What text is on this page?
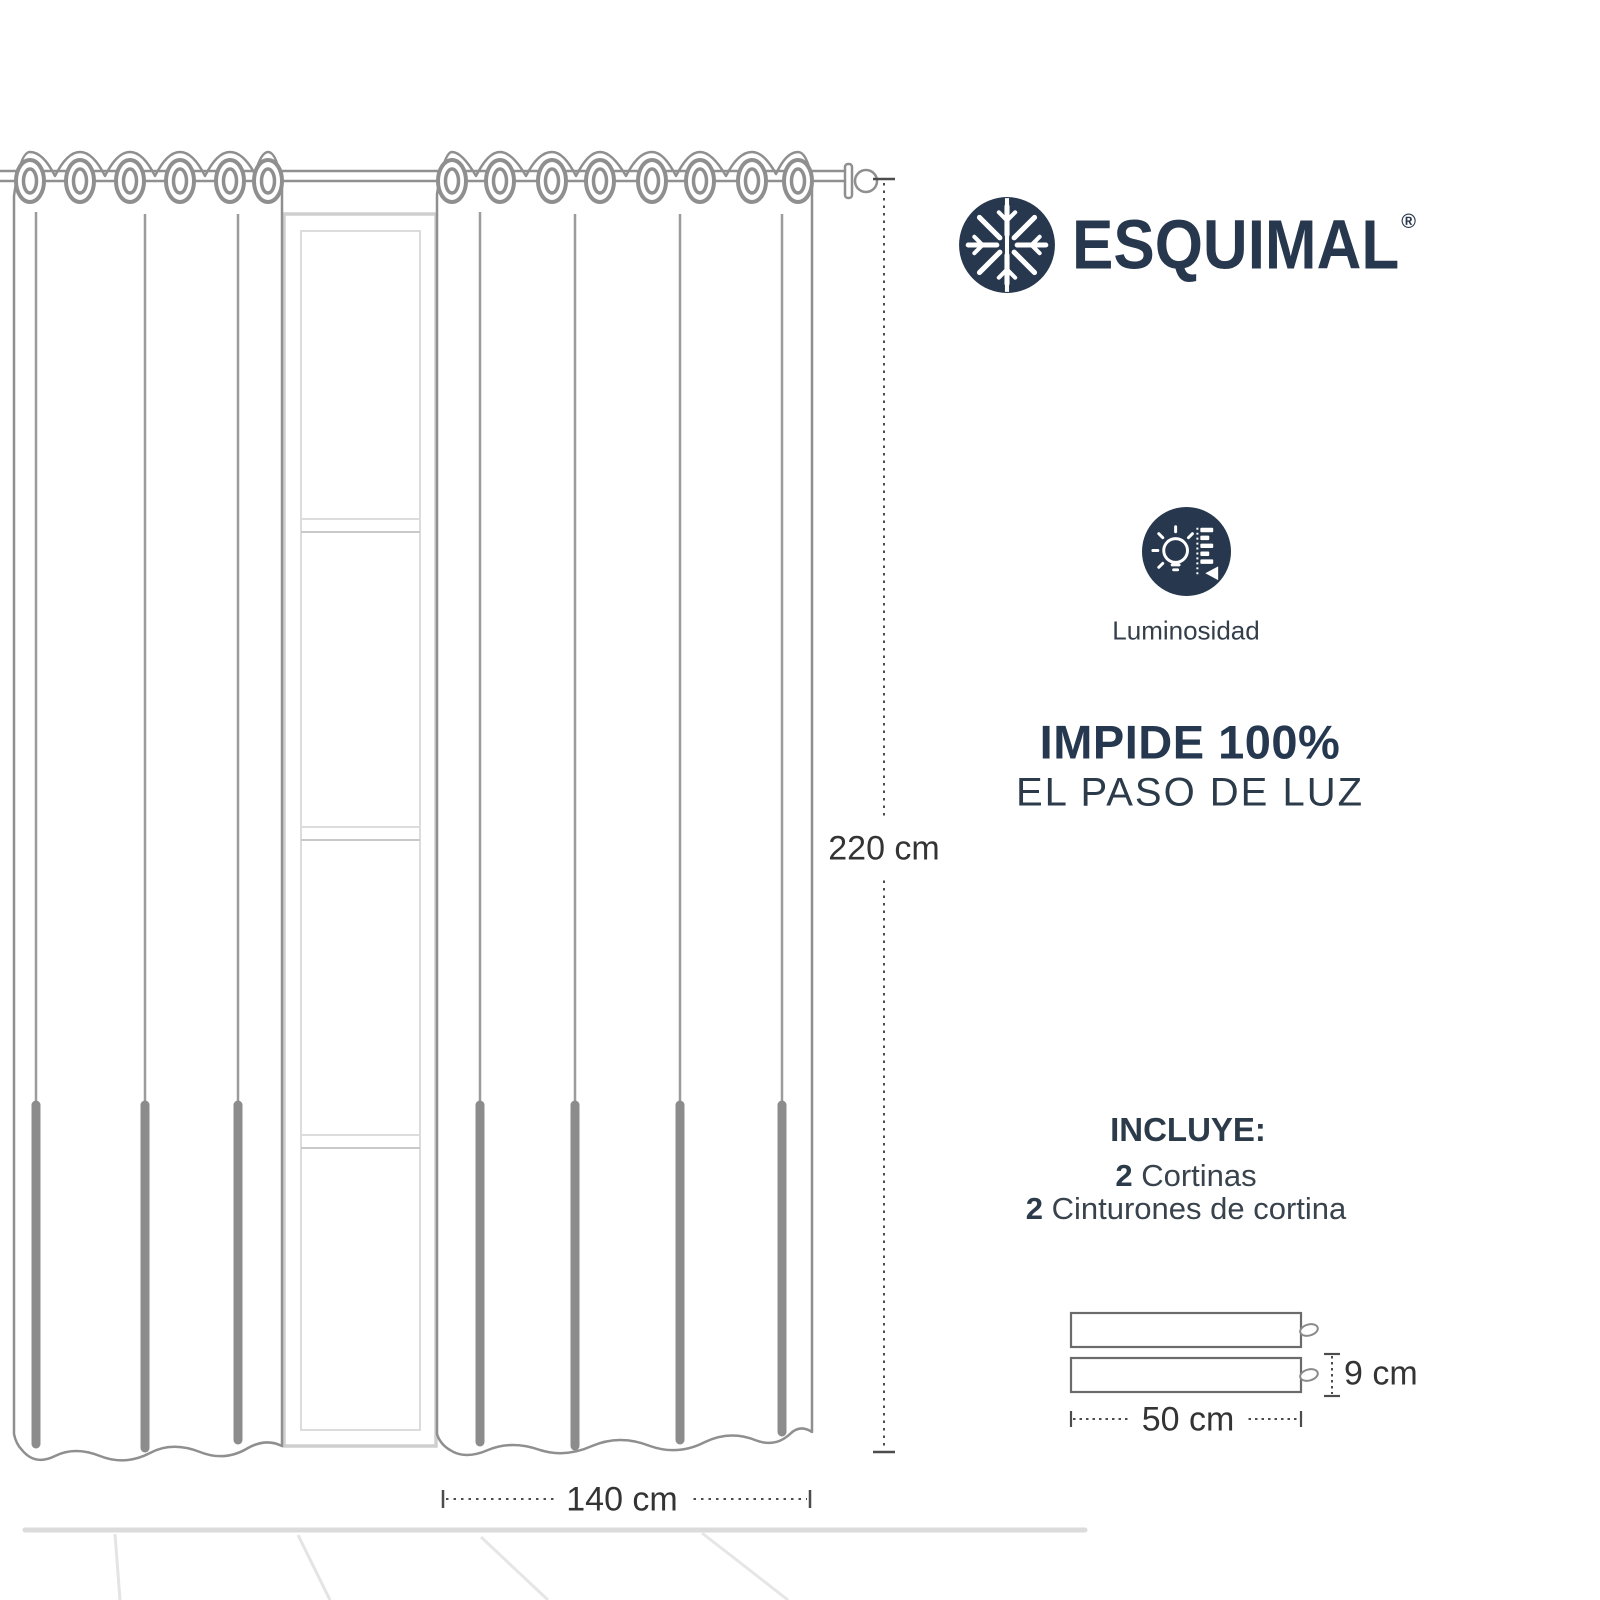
220 cm
140 cm
ESQUIMAL ®
Luminosidad
IMPIDE 100%
EL PASO DE LUZ
INCLUYE:
2 Cortinas
2 Cinturones de cortina
9 cm
50 cm
